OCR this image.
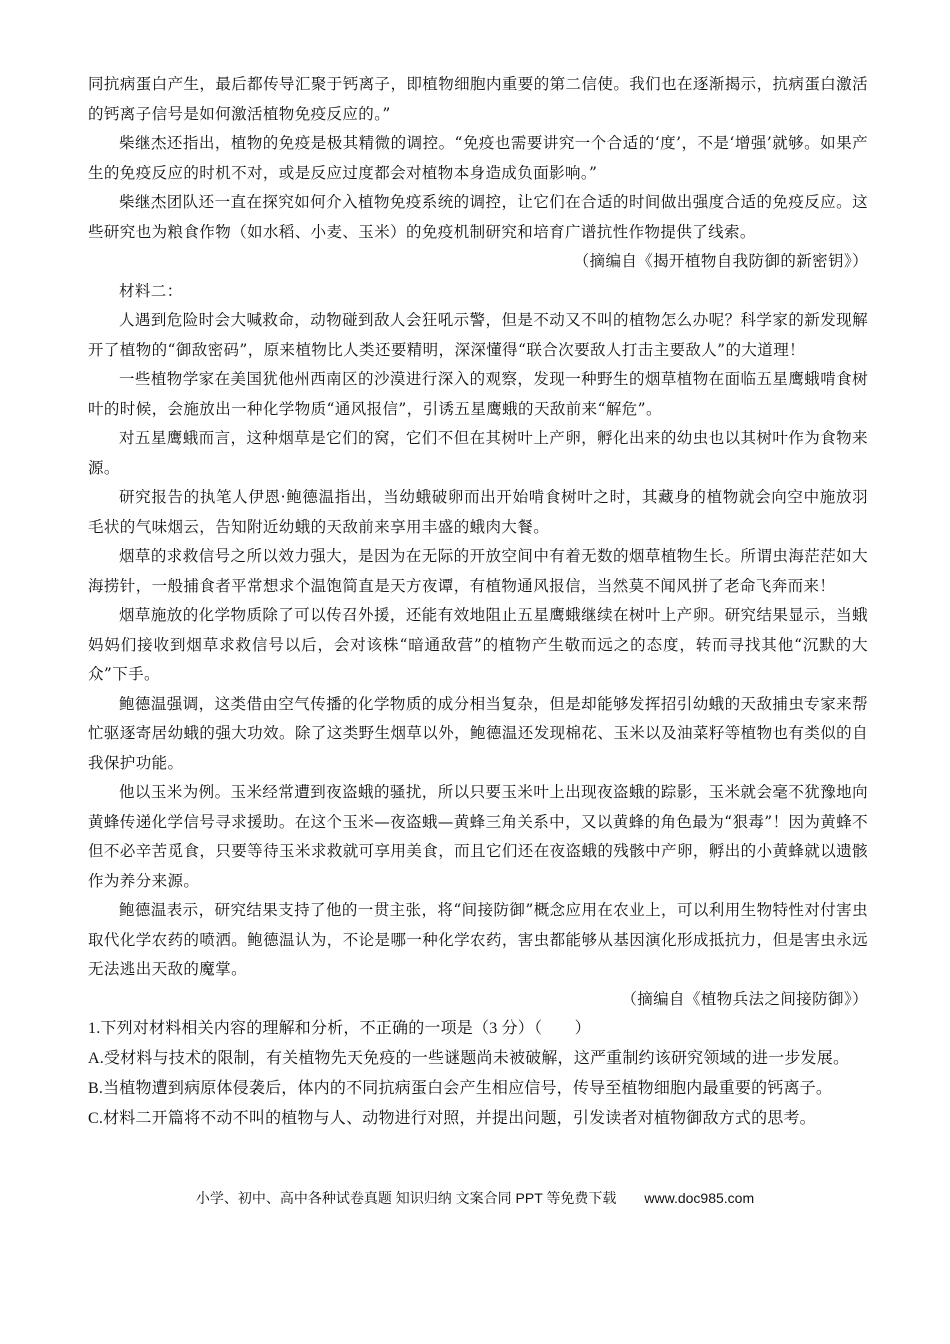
同抗病蛋白产生，最后都传导汇聚于钙离子，即植物细胞内重要的第二信使。我们也在逐渐揭示，抗病蛋白激活的钙离子信号是如何激活植物免疫反应的。”

柴继杰还指出，植物的免疫是极其精微的调控。“免疫也需要讲究一个合适的‘度’，不是‘增强’就够。如果产生的免疫反应的时机不对，或是反应过度都会对植物本身造成负面影响。”

柴继杰团队还一直在探究如何介入植物免疫系统的调控，让它们在合适的时间做出强度合适的免疫反应。这些研究也为粮食作物（如水稻、小麦、玉米）的免疫机制研究和培育广谱抗性作物提供了线索。

（摘编自《揭开植物自我防御的新密钥》）

材料二：

人遇到危险时会大喊救命，动物碰到敌人会狂吼示警，但是不动又不叫的植物怎么办呢？科学家的新发现解开了植物的“御敌密码”，原来植物比人类还要精明，深深懂得“联合次要敌人打击主要敌人”的大道理！

一些植物学家在美国犹他州西南区的沙漠进行深入的观察，发现一种野生的烟草植物在面临五星鹰蛾啃食树叶的时候，会施放出一种化学物质“通风报信”，引诱五星鹰蛾的天敌前来“解危”。

对五星鹰蛾而言，这种烟草是它们的窝，它们不但在其树叶上产卵，孵化出来的幼虫也以其树叶作为食物来源。

研究报告的执笔人伊恩·鲍德温指出，当幼蛾破卵而出开始啃食树叶之时，其藏身的植物就会向空中施放羽毛状的气味烟云，告知附近幼蛾的天敌前来享用丰盛的蛾肉大餐。

烟草的求救信号之所以效力强大，是因为在无际的开放空间中有着无数的烟草植物生长。所谓虫海茫茫如大海捞针，一般捕食者平常想求个温饱简直是天方夜谭，有植物通风报信，当然莫不闻风拼了老命飞奔而来！

烟草施放的化学物质除了可以传召外援，还能有效地阻止五星鹰蛾继续在树叶上产卵。研究结果显示，当蛾妈妈们接收到烟草求救信号以后，会对该株“暗通敌营”的植物产生敬而远之的态度，转而寻找其他“沉默的大众”下手。

鲍德温强调，这类借由空气传播的化学物质的成分相当复杂，但是却能够发挥招引幼蛾的天敌捕虫专家来帮忙驱逐寄居幼蛾的强大功效。除了这类野生烟草以外，鲍德温还发现棉花、玉米以及油菜籽等植物也有类似的自我保护功能。

他以玉米为例。玉米经常遭到夜盗蛾的骚扰，所以只要玉米叶上出现夜盗蛾的踪影，玉米就会毫不犹豫地向黄蜂传递化学信号寻求援助。在这个玉米—夜盗蛾—黄蜂三角关系中，又以黄蜂的角色最为“狠毒”！因为黄蜂不但不必辛苦觅食，只要等待玉米求救就可享用美食，而且它们还在夜盗蛾的残骸中产卵，孵出的小黄蜂就以遗骸作为养分来源。

鲍德温表示，研究结果支持了他的一贯主张，将“间接防御”概念应用在农业上，可以利用生物特性对付害虫取代化学农药的喷洒。鲍德温认为，不论是哪一种化学农药，害虫都能够从基因演化形成抵抗力，但是害虫永远无法逃出天敌的魔掌。

（摘编自《植物兵法之间接防御》）

1.下列对材料相关内容的理解和分析，不正确的一项是（3 分）（　　）

A.受材料与技术的限制，有关植物先天免疫的一些谜题尚未被破解，这严重制约该研究领域的进一步发展。

B.当植物遭到病原体侵袭后，体内的不同抗病蛋白会产生相应信号，传导至植物细胞内最重要的钙离子。

C.材料二开篇将不动不叫的植物与人、动物进行对照，并提出问题，引发读者对植物御敌方式的思考。

小学、初中、高中各种试卷真题 知识归纳 文案合同 PPT 等免费下载 www.doc985.com
